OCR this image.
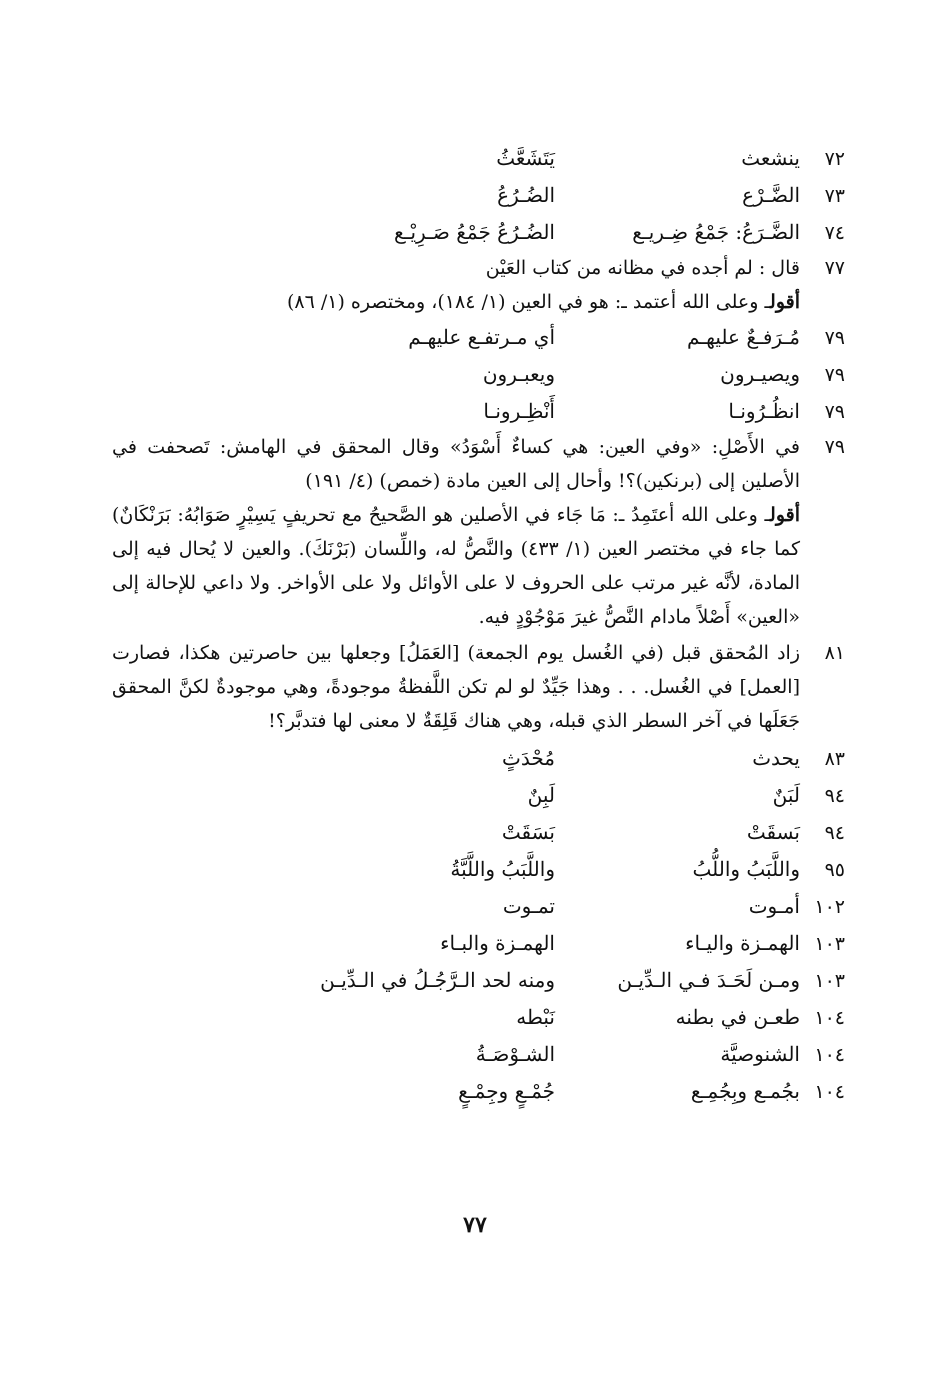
٧٢
ينشعث
يَتَشَعَّثُ
٧٣
الضَّـرْع
الضُـرُعُ
٧٤
الضَّـرَعُ: جَمْعُ ضِـريـع
الضُـرُعُ جَمْعُ صَـرِيْـع
٧٧

قال : لم أجده في مظانه من كتاب العَيْن

أقولـ وعلى الله أعتمد ـ: هو في العين (١/ ١٨٤)، ومختصره (١/ ٨٦)

٧٩
مُـرَفـعٌ عليهـم
أي مـرتفـع عليهـم
٧٩
ويصيـرون
ويعبـرون
٧٩
انظُـرُونـا
أَنْظِـرونـا
٧٩

في الأَصْلِ: «وفي العين: هي كساءٌ أَسْوَدُ» وقال المحقق في الهامش: تَصحفت في الأصلين إلى (برنكين)؟! وأحال إلى العين مادة (خمص) (٤/ ١٩١)

أقولـ وعلى الله أعتَمِدُ ـ: مَا جَاء في الأصلين هو الصَّحيحُ مع تحريفٍ يَسِيْرٍ صَوَابُهُ: بَرَنْكَانٌ) كما جاء في مختصر العين (١/ ٤٣٣) والنَّصُّ له، واللِّسان (بَرْنَكَ). والعين لا يُحال فيه إلى المادة، لأنَّه غير مرتب على الحروف لا على الأوائل ولا على الأواخر. ولا داعي للإحالة إلى «العين» أَصْلاً مادام النَّصُّ غيرَ مَوْجُوْدٍ فيه.

٨١

زاد المُحقق قبل (في الغُسل يوم الجمعة) [العَمَلُ] وجعلها بين حاصرتين هكذا، فصارت [العمل] في الغُسل. . . وهذا جَيِّدٌ لو لم تكن اللَّفظةُ موجودةً، وهي موجودةٌ لكنَّ المحقق جَعَلَها في آخر السطر الذي قبله، وهي هناك قَلِقَةٌ لا معنى لها فتدبَّر؟!

٨٣
يحدث
مُحْدَثٍ
٩٤
لَبَنٌ
لَبِنٌ
٩٤
بَسقَتْ
بَسَقَتْ
٩٥
واللَّبَبُ واللُّبُ
واللَّبَبُ واللَّبَّةُ
١٠٢
أمـوت
تمـوت
١٠٣
الهمـزة واليـاء
الهمـزة والبـاء
١٠٣
ومـن لَحَـدَ فـي الـدِّيـن
ومنه لحد الـرَّجُـلُ في الـدِّيـن
١٠٤
طعـن في بطنه
نَبْطه
١٠٤
الشنوصيَّة
الشـوْصَـةُ
١٠٤
بجُمـع وبِجُمِـع
جُمْـعٍ وجِمْـعٍ
٧٧
